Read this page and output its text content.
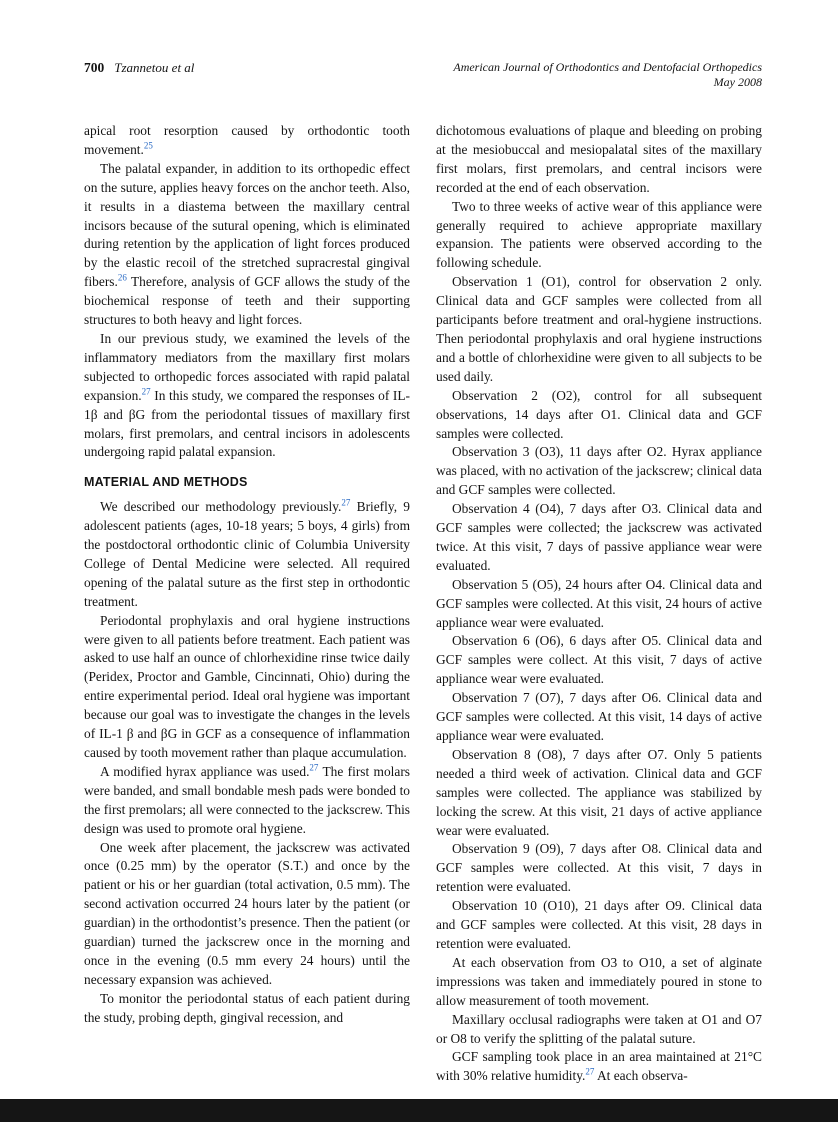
700 Tzannetou et al	American Journal of Orthodontics and Dentofacial Orthopedics
May 2008

apical root resorption caused by orthodontic tooth movement.$^{25}$

The palatal expander, in addition to its orthopedic effect on the suture, applies heavy forces on the anchor teeth. Also, it results in a diastema between the maxillary central incisors because of the sutural opening, which is eliminated during retention by the application of light forces produced by the elastic recoil of the stretched supracrestal gingival fibers.$^{26}$ Therefore, analysis of GCF allows the study of the biochemical response of teeth and their supporting structures to both heavy and light forces.

In our previous study, we examined the levels of the inflammatory mediators from the maxillary first molars subjected to orthopedic forces associated with rapid palatal expansion.$^{27}$ In this study, we compared the responses of IL-1β and βG from the periodontal tissues of maxillary first molars, first premolars, and central incisors in adolescents undergoing rapid palatal expansion.

MATERIAL AND METHODS

We described our methodology previously.$^{27}$ Briefly, 9 adolescent patients (ages, 10-18 years; 5 boys, 4 girls) from the postdoctoral orthodontic clinic of Columbia University College of Dental Medicine were selected. All required opening of the palatal suture as the first step in orthodontic treatment.

Periodontal prophylaxis and oral hygiene instructions were given to all patients before treatment. Each patient was asked to use half an ounce of chlorhexidine rinse twice daily (Peridex, Proctor and Gamble, Cincinnati, Ohio) during the entire experimental period. Ideal oral hygiene was important because our goal was to investigate the changes in the levels of IL-1 β and βG in GCF as a consequence of inflammation caused by tooth movement rather than plaque accumulation.

A modified hyrax appliance was used.$^{27}$ The first molars were banded, and small bondable mesh pads were bonded to the first premolars; all were connected to the jackscrew. This design was used to promote oral hygiene.

One week after placement, the jackscrew was activated once (0.25 mm) by the operator (S.T.) and once by the patient or his or her guardian (total activation, 0.5 mm). The second activation occurred 24 hours later by the patient (or guardian) in the orthodontist’s presence. Then the patient (or guardian) turned the jackscrew once in the morning and once in the evening (0.5 mm every 24 hours) until the necessary expansion was achieved.

To monitor the periodontal status of each patient during the study, probing depth, gingival recession, and

dichotomous evaluations of plaque and bleeding on probing at the mesiobuccal and mesiopalatal sites of the maxillary first molars, first premolars, and central incisors were recorded at the end of each observation.

Two to three weeks of active wear of this appliance were generally required to achieve appropriate maxillary expansion. The patients were observed according to the following schedule.

Observation 1 (O1), control for observation 2 only. Clinical data and GCF samples were collected from all participants before treatment and oral-hygiene instructions. Then periodontal prophylaxis and oral hygiene instructions and a bottle of chlorhexidine were given to all subjects to be used daily.

Observation 2 (O2), control for all subsequent observations, 14 days after O1. Clinical data and GCF samples were collected.

Observation 3 (O3), 11 days after O2. Hyrax appliance was placed, with no activation of the jackscrew; clinical data and GCF samples were collected.

Observation 4 (O4), 7 days after O3. Clinical data and GCF samples were collected; the jackscrew was activated twice. At this visit, 7 days of passive appliance wear were evaluated.

Observation 5 (O5), 24 hours after O4. Clinical data and GCF samples were collected. At this visit, 24 hours of active appliance wear were evaluated.

Observation 6 (O6), 6 days after O5. Clinical data and GCF samples were collect. At this visit, 7 days of active appliance wear were evaluated.

Observation 7 (O7), 7 days after O6. Clinical data and GCF samples were collected. At this visit, 14 days of active appliance wear were evaluated.

Observation 8 (O8), 7 days after O7. Only 5 patients needed a third week of activation. Clinical data and GCF samples were collected. The appliance was stabilized by locking the screw. At this visit, 21 days of active appliance wear were evaluated.

Observation 9 (O9), 7 days after O8. Clinical data and GCF samples were collected. At this visit, 7 days in retention were evaluated.

Observation 10 (O10), 21 days after O9. Clinical data and GCF samples were collected. At this visit, 28 days in retention were evaluated.

At each observation from O3 to O10, a set of alginate impressions was taken and immediately poured in stone to allow measurement of tooth movement.

Maxillary occlusal radiographs were taken at O1 and O7 or O8 to verify the splitting of the palatal suture.

GCF sampling took place in an area maintained at 21°C with 30% relative humidity.$^{27}$ At each observa-
